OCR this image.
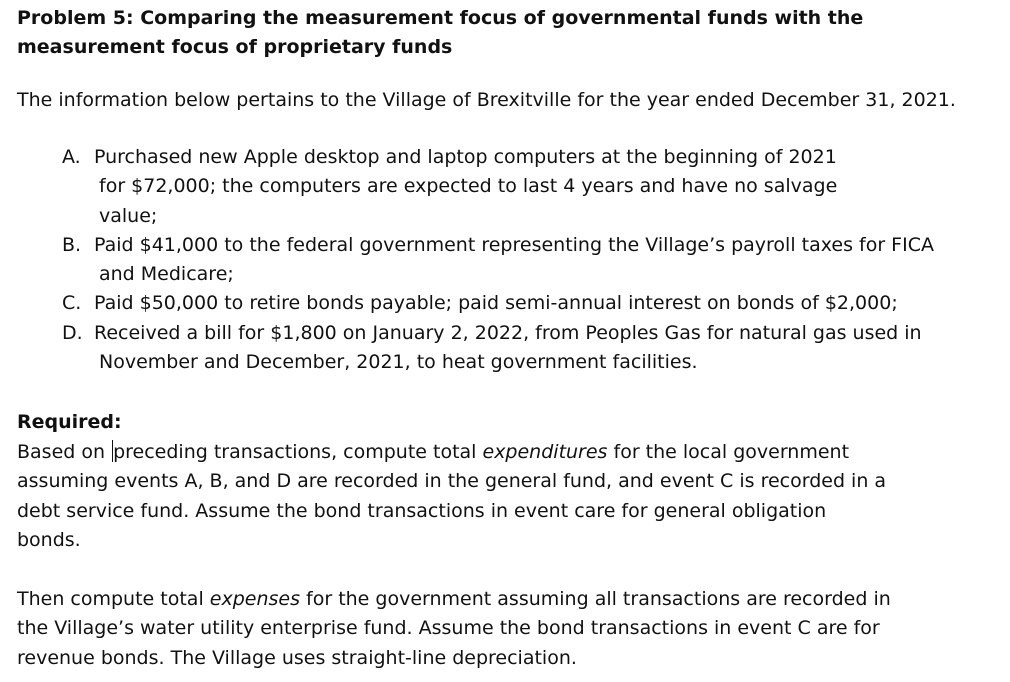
Problem 5: Comparing the measurement focus of governmental funds with the measurement focus of proprietary funds

The information below pertains to the Village of Brexitville for the year ended December 31, 2021.

A. Purchased new Apple desktop and laptop computers at the beginning of 2021
for $72,000; the computers are expected to last 4 years and have no salvage
value;
B. Paid $41,000 to the federal government representing the Village’s payroll taxes for FICA
and Medicare;
C. Paid $50,000 to retire bonds payable; paid semi-annual interest on bonds of $2,000;
D. Received a bill for $1,800 on January 2, 2022, from Peoples Gas for natural gas used in
November and December, 2021, to heat government facilities.
Required:

Based on preceding transactions, compute total expenditures for the local government
assuming events A, B, and D are recorded in the general fund, and event C is recorded in a
debt service fund. Assume the bond transactions in event care for general obligation
bonds.

Then compute total expenses for the government assuming all transactions are recorded in
the Village’s water utility enterprise fund. Assume the bond transactions in event C are for
revenue bonds. The Village uses straight-line depreciation.
